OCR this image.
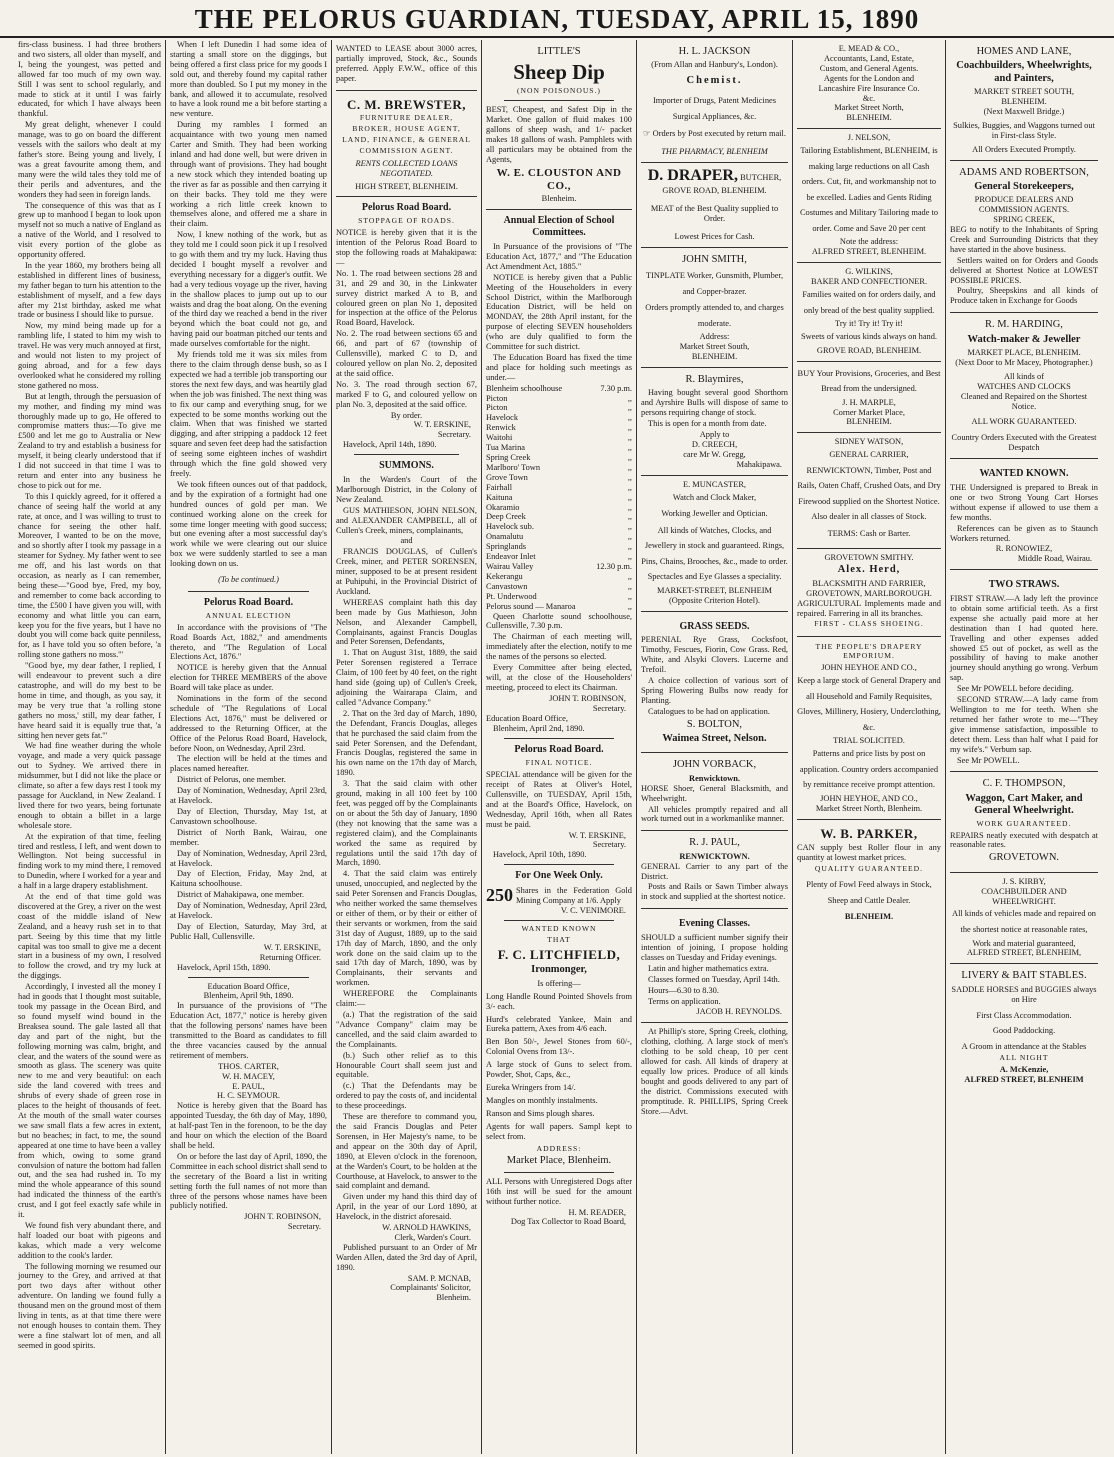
THE PELORUS GUARDIAN, TUESDAY, APRIL 15, 1890

firs-class business. I had three brothers and two sisters, all older than myself, and I, being the youngest, was petted and allowed far too much of my own way. Still I was sent to school regularly, and made to stick at it until I was fairly educated, for which I have always been thankful.

My great delight, whenever I could manage, was to go on board the different vessels with the sailors who dealt at my father's store. Being young and lively, I was a great favourite among them, and many were the wild tales they told me of their perils and adventures, and the wonders they had seen in foreign lands.

The consequence of this was that as I grew up to manhood I began to look upon myself not so much a native of England as a native of the World, and I resolved to visit every portion of the globe as opportunity offered.

In the year 1860, my brothers being all established in different lines of business, my father began to turn his attention to the establishment of myself, and a few days after my 21st birthday, asked me what trade or business I should like to pursue.

Now, my mind being made up for a rambling life, I stated to him my wish to travel. He was very much annoyed at first, and would not listen to my project of going abroad, and for a few days overlooked what he considered my rolling stone gathered no moss.

But at length, through the persuasion of my mother, and finding my mind was thoroughly made up to go, He offered to compromise matters thus:—To give me £500 and let me go to Australia or New Zealand to try and establish a business for myself, it being clearly understood that if I did not succeed in that time I was to return and enter into any business he chose to pick out for me.

To this I quickly agreed, for it offered a chance of seeing half the world at any rate, at once, and I was willing to trust to chance for seeing the other half. Moreover, I wanted to be on the move, and so shortly after I took my passage in a steamer for Sydney. My father went to see me off, and his last words on that occasion, as nearly as I can remember, being these—"Good bye, Fred, my boy, and remember to come back according to time, the £500 I have given you will, with economy and what little you can earn, keep you for the five years, but I have no doubt you will come back quite penniless, for, as I have told you so often before, 'a rolling stone gathers no moss.'"

"Good bye, my dear father, I replied, I will endeavour to prevent such a dire catastrophe, and will do my best to be home in time, and though, as you say, it may be very true that 'a rolling stone gathers no moss,' still, my dear father, I have heard said it is equally true that, 'a sitting hen never gets fat.'"

We had fine weather during the whole voyage, and made a very quick passage out to Sydney. We arrived there in midsummer, but I did not like the place or climate, so after a few days rest I took my passage for Auckland, in New Zealand. I lived there for two years, being fortunate enough to obtain a billet in a large wholesale store.

At the expiration of that time, feeling tired and restless, I left, and went down to Wellington. Not being successful in finding work to my mind there, I removed to Dunedin, where I worked for a year and a half in a large drapery establishment.

At the end of that time gold was discovered at the Grey, a river on the west coast of the middle island of New Zealand, and a heavy rush set in to that part. Seeing by this time that my little capital was too small to give me a decent start in a business of my own, I resolved to follow the crowd, and try my luck at the diggings.

Accordingly, I invested all the money I had in goods that I thought most suitable, took my passage in the Ocean Bird, and so found myself wind bound in the Breaksea sound. The gale lasted all that day and part of the night, but the following morning was calm, bright, and clear, and the waters of the sound were as smooth as glass. The scenery was quite new to me and very beautiful: on each side the land covered with trees and shrubs of every shade of green rose in places to the height of thousands of feet. At the mouth of the small water courses we saw small flats a few acres in extent, but no beaches; in fact, to me, the sound appeared at one time to have been a valley from which, owing to some grand convulsion of nature the bottom had fallen out, and the sea had rushed in. To my mind the whole appearance of this sound had indicated the thinness of the earth's crust, and I got feel exactly safe while in it.

We found fish very abundant there, and half loaded our boat with pigeons and kakas, which made a very welcome addition to the cook's larder.

The following morning we resumed our journey to the Grey, and arrived at that port two days after without other adventure. On landing we found fully a thousand men on the ground most of them living in tents, as at that time there were not enough houses to contain them. They were a fine stalwart lot of men, and all seemed in good spirits.

When I left Dunedin I had some idea of starting a small store on the diggings, but being offered a first class price for my goods I sold out, and thereby found my capital rather more than doubled. So I put my money in the bank, and allowed it to accumulate, resolved to have a look round me a bit before starting a new venture.

During my rambles I formed an acquaintance with two young men named Carter and Smith. They had been working inland and had done well, but were driven in through want of provisions. They had bought a new stock which they intended boating up the river as far as possible and then carrying it on their backs. They told me they were working a rich little creek known to themselves alone, and offered me a share in their claim.

Now, I knew nothing of the work, but as they told me I could soon pick it up I resolved to go with them and try my luck. Having thus decided I bought myself a revolver and everything necessary for a digger's outfit. We had a very tedious voyage up the river, having in the shallow places to jump out up to our waists and drag the boat along. On the evening of the third day we reached a bend in the river beyond which the boat could not go, and having paid our boatman pitched our tents and made ourselves comfortable for the night.

My friends told me it was six miles from there to the claim through dense bush, so as I expected we had a terrible job transporting our stores the next few days, and was heartily glad when the job was finished. The next thing was to fix our camp and everything snug, for we expected to be some months working out the claim. When that was finished we started digging, and after stripping a paddock 12 feet square and seven feet deep had the satisfaction of seeing some eighteen inches of washdirt through which the fine gold showed very freely.

We took fifteen ounces out of that paddock, and by the expiration of a fortnight had one hundred ounces of gold per man. We continued working alone on the creek for some time longer meeting with good success; but one evening after a most successful day's work while we were clearing out our sluice box we were suddenly startled to see a man looking down on us.

(To be continued.)
Pelorus Road Board.
ANNUAL ELECTION

In accordance with the provisions of "The Road Boards Act, 1882," and amendments thereto, and "The Regulation of Local Elections Act, 1876."

NOTICE is hereby given that the Annual election for THREE MEMBERS of the above Board will take place as under.

Nominations in the form of the second schedule of "The Regulations of Local Elections Act, 1876," must be delivered or addressed to the Returning Officer, at the Office of the Pelorus Road Board, Havelock, before Noon, on Wednesday, April 23rd.

The election will be held at the times and places named hereafter.

District of Pelorus, one member.

Day of Nomination, Wednesday, April 23rd, at Havelock.

Day of Election, Thursday, May 1st, at Canvastown schoolhouse.

District of North Bank, Wairau, one member.

Day of Nomination, Wednesday, April 23rd, at Havelock.

Day of Election, Friday, May 2nd, at Kaituna schoolhouse.

District of Mahakipawa, one member.

Day of Nomination, Wednesday, April 23rd, at Havelock.

Day of Election, Saturday, May 3rd, at Public Hall, Cullensville.

W. T. ERSKINE,
Returning Officer.

Havelock, April 15th, 1890.

Education Board Office,
Blenheim, April 9th, 1890.

In pursuance of the provisions of "The Education Act, 1877," notice is hereby given that the following persons' names have been transmitted to the Board as candidates to fill the three vacancies caused by the annual retirement of members.

THOS. CARTER,
W. H. MACEY,
E. PAUL,
H. C. SEYMOUR.

Notice is hereby given that the Board has appointed Tuesday, the 6th day of May, 1890, at half-past Ten in the forenoon, to be the day and hour on which the election of the Board shall be held.

On or before the last day of April, 1890, the Committee in each school district shall send to the secretary of the Board a list in writing setting forth the full names of not more than three of the persons whose names have been publicly notified.

JOHN T. ROBINSON,
Secretary.

WANTED to LEASE about 3000 acres, partially improved, Stock, &c., Sounds preferred. Apply F.W.W., office of this paper.

C. M. BREWSTER,
FURNITURE DEALER,
BROKER, HOUSE AGENT,
LAND, FINANCE, & GENERAL
COMMISSION AGENT.
RENTS COLLECTED LOANS NEGOTIATED.
HIGH STREET, BLENHEIM.
Pelorus Road Board.
STOPPAGE OF ROADS.

NOTICE is hereby given that it is the intention of the Pelorus Road Board to stop the following roads at Mahakipawa:—

No. 1. The road between sections 28 and 31, and 29 and 30, in the Linkwater survey district marked A to B, and coloured green on plan No 1, deposited for inspection at the office of the Pelorus Road Board, Havelock.

No. 2. The road between sections 65 and 66, and part of 67 (township of Cullensville), marked C to D, and coloured yellow on plan No. 2, deposited at the said office.

No. 3. The road through section 67, marked F to G, and coloured yellow on plan No. 3, deposited at the said office.

By order.
W. T. ERSKINE,
Secretary.

Havelock, April 14th, 1890.

SUMMONS.

In the Warden's Court of the Marlborough District, in the Colony of New Zealand.

GUS MATHIESON, JOHN NELSON, and ALEXANDER CAMPBELL, all of Cullen's Creek, miners, complainants,

and

FRANCIS DOUGLAS, of Cullen's Creek, miner, and PETER SORENSEN, miner, supposed to be at present resident at Puhipuhi, in the Provincial District of Auckland.

WHEREAS complaint hath this day been made by Gus Mathieson, John Nelson, and Alexander Campbell, Complainants, against Francis Douglas and Peter Sorensen, Defendants,

1. That on August 31st, 1889, the said Peter Sorensen registered a Terrace Claim, of 100 feet by 40 feet, on the right hand side (going up) of Cullen's Creek, adjoining the Wairarapa Claim, and called "Advance Company."

2. That on the 3rd day of March, 1890, the Defendant, Francis Douglas, alleges that he purchased the said claim from the said Peter Sorensen, and the Defendant, Francis Douglas, registered the same in his own name on the 17th day of March, 1890.

3. That the said claim with other ground, making in all 100 feet by 100 feet, was pegged off by the Complainants on or about the 5th day of January, 1890 (they not knowing that the same was a registered claim), and the Complainants worked the same as required by regulations until the said 17th day of March, 1890.

4. That the said claim was entirely unused, unoccupied, and neglected by the said Peter Sorensen and Francis Douglas, who neither worked the same themselves or either of them, or by their or either of their servants or workmen, from the said 31st day of August, 1889, up to the said 17th day of March, 1890, and the only work done on the said claim up to the said 17th day of March, 1890, was by Complainants, their servants and workmen.

WHEREFORE the Complainants claim:—

(a.) That the registration of the said "Advance Company" claim may be cancelled, and the said claim awarded to the Complainants.

(b.) Such other relief as to this Honourable Court shall seem just and equitable.

(c.) That the Defendants may be ordered to pay the costs of, and incidental to these proceedings.

These are therefore to command you, the said Francis Douglas and Peter Sorensen, in Her Majesty's name, to be and appear on the 30th day of April, 1890, at Eleven o'clock in the forenoon, at the Warden's Court, to be holden at the Courthouse, at Havelock, to answer to the said complaint and demand.

Given under my hand this third day of April, in the year of our Lord 1890, at Havelock, in the district aforesaid.

W. ARNOLD HAWKINS,
Clerk, Warden's Court.

Published pursuant to an Order of Mr Warden Allen, dated the 3rd day of April, 1890.

SAM. P. MCNAB,
Complainants' Solicitor,
Blenheim.
LITTLE'S
Sheep Dip
(NON POISONOUS.)

BEST, Cheapest, and Safest Dip in the Market. One gallon of fluid makes 100 gallons of sheep wash, and 1/- packet makes 18 gallons of wash. Pamphlets with all particulars may be obtained from the Agents,

W. E. CLOUSTON AND CO.,
Blenheim.
Annual Election of School Committees.

In Pursuance of the provisions of "The Education Act, 1877," and "The Education Act Amendment Act, 1885."

NOTICE is hereby given that a Public Meeting of the Householders in every School District, within the Marlborough Education District, will be held on MONDAY, the 28th April instant, for the purpose of electing SEVEN householders (who are duly qualified to form the Committee for such district.

The Education Board has fixed the time and place for holding such meetings as under.—

Blenheim schoolhouse	7.30 p.m.
Picton	,,
Picton	,,
Havelock	,,
Renwick	,,
Waitohi	,,
Tua Marina	,,
Spring Creek	,,
Marlboro' Town	,,
Grove Town	,,
Fairhall	,,
Kaituna	,,
Okaramio	,,
Deep Creek	,,
Havelock sub.	,,
Onamalutu	,,
Springlands	,,
Endeavor Inlet	,,
Wairau Valley	12.30 p.m.
Kekerangu	,,
Canvastown	,,
Pt. Underwood	,,
Pelorus sound — Manaroa	,,

Queen Charlotte sound schoolhouse, Cullensville, 7.30 p.m.

The Chairman of each meeting will, immediately after the election, notify to me the names of the persons so elected.

Every Committee after being elected, will, at the close of the Householders' meeting, proceed to elect its Chairman.

JOHN T. ROBINSON,
Secretary.

Education Board Office,

Blenheim, April 2nd, 1890.

Pelorus Road Board.
FINAL NOTICE.

SPECIAL attendance will be given for the receipt of Rates at Oliver's Hotel, Cullensville, on TUESDAY, April 15th, and at the Board's Office, Havelock, on Wednesday, April 16th, when all Rates must be paid.

W. T. ERSKINE,
Secretary.

Havelock, April 10th, 1890.

For One Week Only.
250 Shares in the Federation Gold Mining Company at 1/6. Apply
V. C. VENIMORE.
WANTED KNOWN
THAT
F. C. LITCHFIELD,
Ironmonger,
Is offering—

Long Handle Round Pointed Shovels from 3/- each.

Hurd's celebrated Yankee, Main and Eureka pattern, Axes from 4/6 each.

Ben Bon 50/-, Jewel Stones from 60/-, Colonial Ovens from 13/-.

A large stock of Guns to select from. Powder, Shot, Caps, &c.,

Eureka Wringers from 14/.

Mangles on monthly instalments.

Ranson and Sims plough shares.

Agents for wall papers. Sampl kept to select from.

ADDRESS:
Market Place, Blenheim.

ALL Persons with Unregistered Dogs after 16th inst will be sued for the amount without further notice.

H. M. READER,
Dog Tax Collector to Road Board,
H. L. JACKSON
(From Allan and Hanbury's, London).
Chemist.
Importer of Drugs, Patent Medicines
Surgical Appliances, &c.
☞ Orders by Post executed by return mail.
THE PHARMACY, BLENHEIM
D. DRAPER, BUTCHER,
GROVE ROAD, BLENHEIM.
MEAT of the Best Quality supplied to Order.
Lowest Prices for Cash.
JOHN SMITH,

TINPLATE Worker, Gunsmith, Plumber, and Copper-brazer.

Orders promptly attended to, and charges moderate.

Address:
Market Street South,
BLENHEIM.
R. Blaymires,

Having bought several good Shorthorn and Ayrshire Bulls will dispose of same to persons requiring change of stock.

This is open for a month from date.

Apply to
D. CREECH,
care Mr W. Gregg,
Mahakipawa.
E. MUNCASTER,

Watch and Clock Maker,

Working Jeweller and Optician.

All kinds of Watches, Clocks, and Jewellery in stock and guaranteed. Rings, Pins, Chains, Brooches, &c., made to order. Spectacles and Eye Glasses a speciality.

MARKET-STREET, BLENHEIM
(Opposite Criterion Hotel).
GRASS SEEDS.

PERENIAL Rye Grass, Cocksfoot, Timothy, Fescues, Fiorin, Cow Grass. Red, White, and Alsyki Clovers. Lucerne and Trefoil.

A choice collection of various sort of Spring Flowering Bulbs now ready for Planting.

Catalogues to be had on application.

S. BOLTON,
Waimea Street, Nelson.
JOHN VORBACK,
Renwicktown.

HORSE Shoer, General Blacksmith, and Wheelwright.

All vehicles promptly repaired and all work turned out in a workmanlike manner.

R. J. PAUL,
RENWICKTOWN.

GENERAL Carrier to any part of the District.

Posts and Rails or Sawn Timber always in stock and supplied at the shortest notice.

Evening Classes.

SHOULD a sufficient number signify their intention of joining, I propose holding classes on Tuesday and Friday evenings.

Latin and higher mathematics extra.

Classes formed on Tuesday, April 14th.

Hours—6.30 to 8.30.

Terms on application.

JACOB H. REYNOLDS.

At Phillip's store, Spring Creek, clothing, clothing, clothing. A large stock of men's clothing to be sold cheap, 10 per cent allowed for cash. All kinds of drapery at equally low prices. Produce of all kinds bought and goods delivered to any part of the district. Commissions executed with promptitude. R. PHILLIPS, Spring Creek Store.—Advt.

E. MEAD & CO.,
Accountants, Land, Estate,
Custom, and General Agents.
Agents for the London and
Lancashire Fire Insurance Co.
&c.
Market Street North,
BLENHEIM.
J. NELSON,

Tailoring Establishment, BLENHEIM, is making large reductions on all Cash orders. Cut, fit, and workmanship not to be excelled. Ladies and Gents Riding Costumes and Military Tailoring made to order. Come and Save 20 per cent

Note the address:
ALFRED STREET, BLENHEIM.
G. WILKINS,
BAKER AND CONFECTIONER.

Families waited on for orders daily, and only bread of the best quality supplied.

Try it! Try it! Try it!

Sweets of various kinds always on hand.

GROVE ROAD, BLENHEIM.

BUY Your Provisions, Groceries, and Best Bread from the undersigned.

J. H. MARPLE,
Corner Market Place,
BLENHEIM.
SIDNEY WATSON,

GENERAL CARRIER, RENWICKTOWN, Timber, Post and Rails, Oaten Chaff, Crushed Oats, and Dry Firewood supplied on the Shortest Notice. Also dealer in all classes of Stock.

TERMS: Cash or Barter.

GROVETOWN SMITHY.
Alex. Herd,
BLACKSMITH AND FARRIER,
GROVETOWN, MARLBOROUGH.

AGRICULTURAL Implements made and repaired. Farrering in all its branches.

FIRST - CLASS SHOEING.
THE PEOPLE'S DRAPERY EMPORIUM.
JOHN HEYHOE AND CO.,

Keep a large stock of General Drapery and all Household and Family Requisites, Gloves, Millinery, Hosiery, Underclothing, &c.

TRIAL SOLICITED.

Patterns and price lists by post on application. Country orders accompanied by remittance receive prompt attention.

JOHN HEYHOE, AND CO.,
Market Street North, Blenheim.
W. B. PARKER,

CAN supply best Roller flour in any quantity at lowest market prices.

QUALITY GUARANTEED.
Plenty of Fowl Feed always in Stock,
Sheep and Cattle Dealer.
BLENHEIM.
HOMES AND LANE,
Coachbuilders, Wheelwrights, and Painters,
MARKET STREET SOUTH,
BLENHEIM.
(Next Maxwell Bridge.)
Sulkies, Buggies, and Waggons turned out in First-class Style.
All Orders Executed Promptly.
ADAMS AND ROBERTSON,
General Storekeepers,
PRODUCE DEALERS AND COMMISSION AGENTS.
SPRING CREEK,

BEG to notify to the Inhabitants of Spring Creek and Surrounding Districts that they have started in the above business.

Settlers waited on for Orders and Goods delivered at Shortest Notice at LOWEST POSSIBLE PRICES.

Poultry, Sheepskins and all kinds of Produce taken in Exchange for Goods

R. M. HARDING,
Watch-maker & Jeweller
MARKET PLACE, BLENHEIM.
(Next Door to Mr Macey, Photographer.)
All kinds of
WATCHES AND CLOCKS
Cleaned and Repaired on the Shortest Notice.
ALL WORK GUARANTEED.
Country Orders Executed with the Greatest Despatch
WANTED KNOWN.

THE Undersigned is prepared to Break in one or two Strong Young Cart Horses without expense if allowed to use them a few months.

References can be given as to Staunch Workers returned.

R. RONOWIEZ,
Middle Road, Wairau.
TWO STRAWS.

FIRST STRAW.—A lady left the province to obtain some artificial teeth. As a first expense she actually paid more at her destination than I had quoted here. Travelling and other expenses added showed £5 out of pocket, as well as the possibility of having to make another journey should anything go wrong. Verbum sap.

See Mr POWELL before deciding.

SECOND STRAW.—A lady came from Wellington to me for teeth. When she returned her father wrote to me—"They give immense satisfaction, impossible to detect them. Less than half what I paid for my wife's." Verbum sap.

See Mr POWELL.

C. F. THOMPSON,
Waggon, Cart Maker, and General Wheelwright.
WORK GUARANTEED.

REPAIRS neatly executed with despatch at reasonable rates.

GROVETOWN.
J. S. KIRBY,
COACHBUILDER AND WHEELWRIGHT.

All kinds of vehicles made and repaired on the shortest notice at reasonable rates,

Work and material guaranteed,
ALFRED STREET, BLENHEIM,
LIVERY & BAIT STABLES.
SADDLE HORSES and BUGGIES always on Hire
First Class Accommodation.
Good Paddocking.
A Groom in attendance at the Stables
ALL NIGHT
A. McKenzie,
ALFRED STREET, BLENHEIM
